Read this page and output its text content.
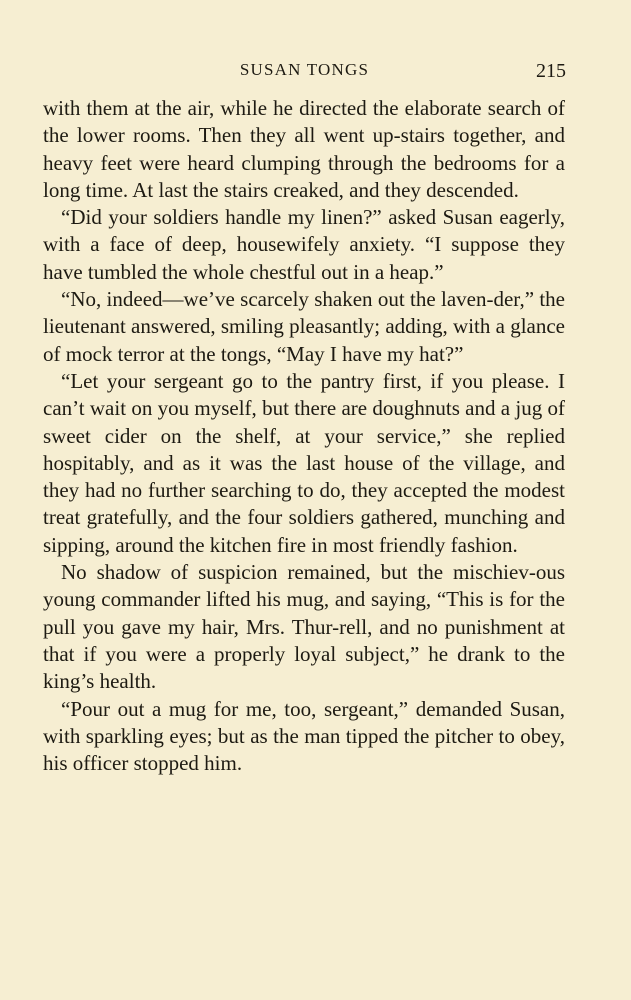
SUSAN TONGS	215

with them at the air, while he directed the elaborate search of the lower rooms. Then they all went up-stairs together, and heavy feet were heard clumping through the bedrooms for a long time. At last the stairs creaked, and they descended.

“Did your soldiers handle my linen?” asked Susan eagerly, with a face of deep, housewifely anxiety. “I suppose they have tumbled the whole chestful out in a heap.”

“No, indeed—we’ve scarcely shaken out the laven-der,” the lieutenant answered, smiling pleasantly; adding, with a glance of mock terror at the tongs, “May I have my hat?”

“Let your sergeant go to the pantry first, if you please. I can’t wait on you myself, but there are doughnuts and a jug of sweet cider on the shelf, at your service,” she replied hospitably, and as it was the last house of the village, and they had no further searching to do, they accepted the modest treat gratefully, and the four soldiers gathered, munching and sipping, around the kitchen fire in most friendly fashion.

No shadow of suspicion remained, but the mischiev-ous young commander lifted his mug, and saying, “This is for the pull you gave my hair, Mrs. Thur-rell, and no punishment at that if you were a properly loyal subject,” he drank to the king’s health.

“Pour out a mug for me, too, sergeant,” demanded Susan, with sparkling eyes; but as the man tipped the pitcher to obey, his officer stopped him.
